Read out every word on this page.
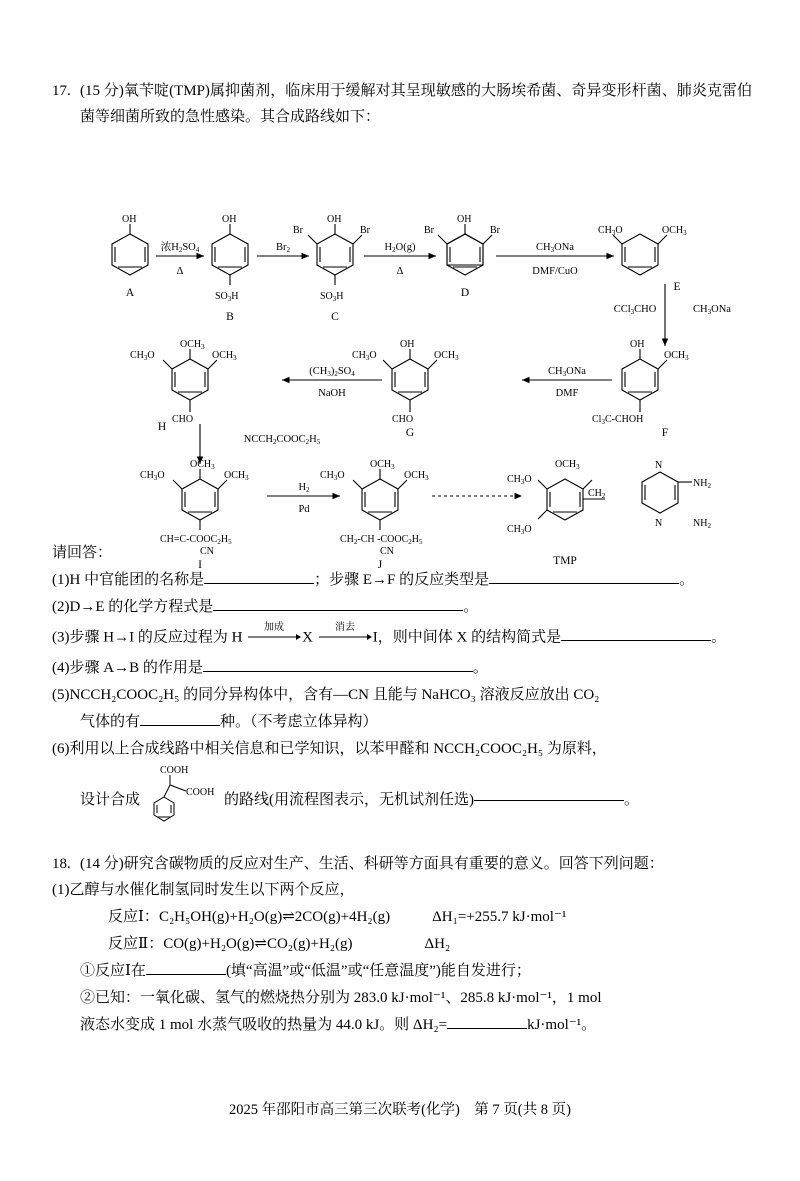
17. (15 分)氧苄啶(TMP)属抑菌剂，临床用于缓解对其呈现敏感的大肠埃希菌、奇异变形杆菌、肺炎克雷伯菌等细菌所致的急性感染。其合成路线如下：
OH	OH
$SO_3H$
OH
$SO_3H$
Br	Br
OH
Br	Br	$CH_3O$	$OCH_3$
OH
$OCH_3$
$Cl_3C$-CHOH
OH
$OCH_3$
$CH_3O$
CHO
$OCH_3$
$OCH_3$
$CH_3O$
CHO
$OCH_3$
$OCH_3$
$CH_3O$
$CH=C-COOC_2H_5$
$OCH_3$
$OCH_3$
$CH_3O$
$CH_2-CH$ $-COOC_2H_5$
$CH_3O$
$OCH_3$
$CH_3O$
$CH_2$
N
N
$NH_2$
$NH_2$
CN	CN
浓H2SO4
Δ
Br2	H2O(g)
Δ
CH3ONa
DMF/CuO
CCl3CHO	CH3ONa
CH3ONa
DMF
(CH3)2SO4
NaOH
NCCH2COOC2H5
H2
Pd
A
B	C
D	E
F
G
H
I	J	TMP
请回答：
(1)H 中官能团的名称是	；步骤 E→F 的反应类型是	。
(2)D→E 的化学方程式是	。
(3)步骤 H→I 的反应过程为 H
加成
X
消去
I，则中间体 X 的结构简式是	。
(4)步骤 A→B 的作用是	。
(5)NCCH₂COOC₂H₅ 的同分异构体中，含有—CN 且能与 NaHCO₃ 溶液反应放出 CO₂
气体的有	种。（不考虑立体异构）
(6)利用以上合成线路中相关信息和已学知识，以苯甲醛和 NCCH₂COOC₂H₅ 为原料，
设计合成
COOH
COOH 的路线(用流程图表示，无机试剂任选)	。
18. (14 分)研究含碳物质的反应对生产、生活、科研等方面具有重要的意义。回答下列问题：
(1)乙醇与水催化制氢同时发生以下两个反应，
反应Ⅰ：C₂H₅OH(g)+H₂O(g)⇌2CO(g)+4H₂(g)	ΔH₁=+255.7 kJ·mol⁻¹
反应Ⅱ：CO(g)+H₂O(g)⇌CO₂(g)+H₂(g)	ΔH₂
①反应Ⅰ在	(填“高温”或“低温”或“任意温度”)能自发进行；
②已知：一氧化碳、氢气的燃烧热分别为 283.0 kJ·mol⁻¹、285.8 kJ·mol⁻¹，1 mol
液态水变成 1 mol 水蒸气吸收的热量为 44.0 kJ。则 ΔH₂=	kJ·mol⁻¹。
2025 年邵阳市高三第三次联考(化学)　第 7 页(共 8 页)
